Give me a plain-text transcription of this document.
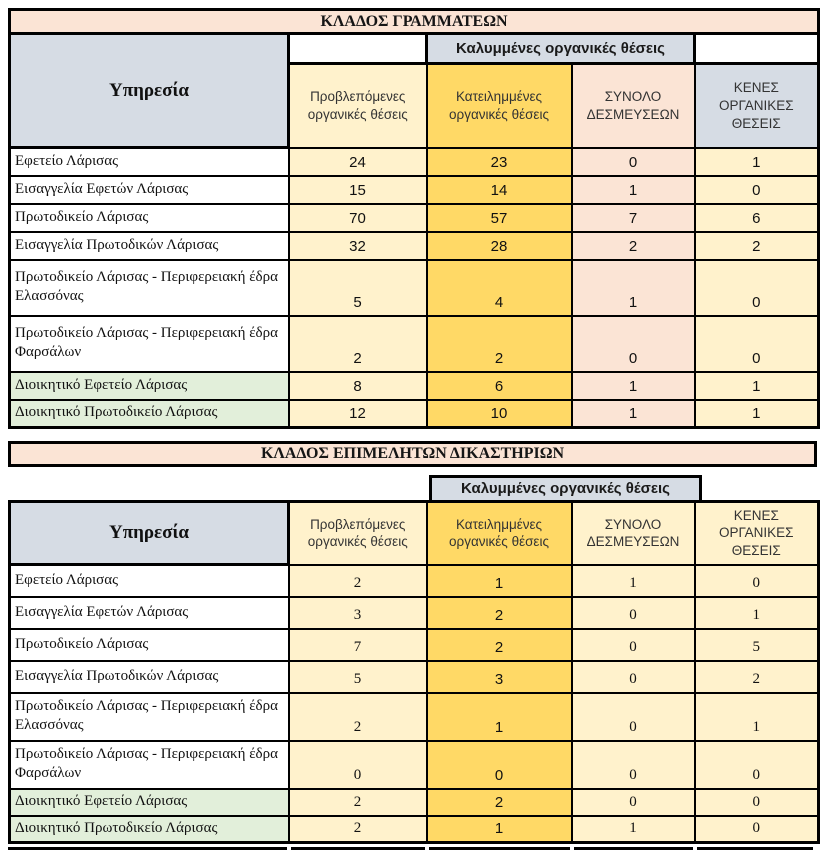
ΚΛΑΔΟΣ ΓΡΑΜΜΑΤΕΩΝ				
Υπηρεσία		Καλυμμένες οργανικές θέσεις		
	Προβλεπόμενες οργανικές θέσεις	Κατειλημμένες οργανικές θέσεις	ΣΥΝΟΛΟ ΔΕΣΜΕΥΣΕΩΝ	ΚΕΝΕΣ ΟΡΓΑΝΙΚΕΣ ΘΕΣΕΙΣ
Εφετείο Λάρισας	24	23	0	1
Εισαγγελία Εφετών Λάρισας	15	14	1	0
Πρωτοδικείο Λάρισας	70	57	7	6
Εισαγγελία Πρωτοδικών Λάρισας	32	28	2	2
Πρωτοδικείο Λάρισας - Περιφερειακή έδρα Ελασσόνας	5	4	1	0
Πρωτοδικείο Λάρισας - Περιφερειακή έδρα Φαρσάλων	2	2	0	0
Διοικητικό Εφετείο Λάρισας	8	6	1	1
Διοικητικό Πρωτοδικείο Λάρισας	12	10	1	1
ΚΛΑΔΟΣ ΕΠΙΜΕΛΗΤΩΝ ΔΙΚΑΣΤΗΡΙΩΝ
Καλυμμένες οργανικές θέσεις
Υπηρεσία	Προβλεπόμενες οργανικές θέσεις	Κατειλημμένες οργανικές θέσεις	ΣΥΝΟΛΟ ΔΕΣΜΕΥΣΕΩΝ	ΚΕΝΕΣ ΟΡΓΑΝΙΚΕΣ ΘΕΣΕΙΣ
Εφετείο Λάρισας	2	1	1	0
Εισαγγελία Εφετών Λάρισας	3	2	0	1
Πρωτοδικείο Λάρισας	7	2	0	5
Εισαγγελία Πρωτοδικών Λάρισας	5	3	0	2
Πρωτοδικείο Λάρισας - Περιφερειακή έδρα Ελασσόνας	2	1	0	1
Πρωτοδικείο Λάρισας - Περιφερειακή έδρα Φαρσάλων	0	0	0	0
Διοικητικό Εφετείο Λάρισας	2	2	0	0
Διοικητικό Πρωτοδικείο Λάρισας	2	1	1	0
